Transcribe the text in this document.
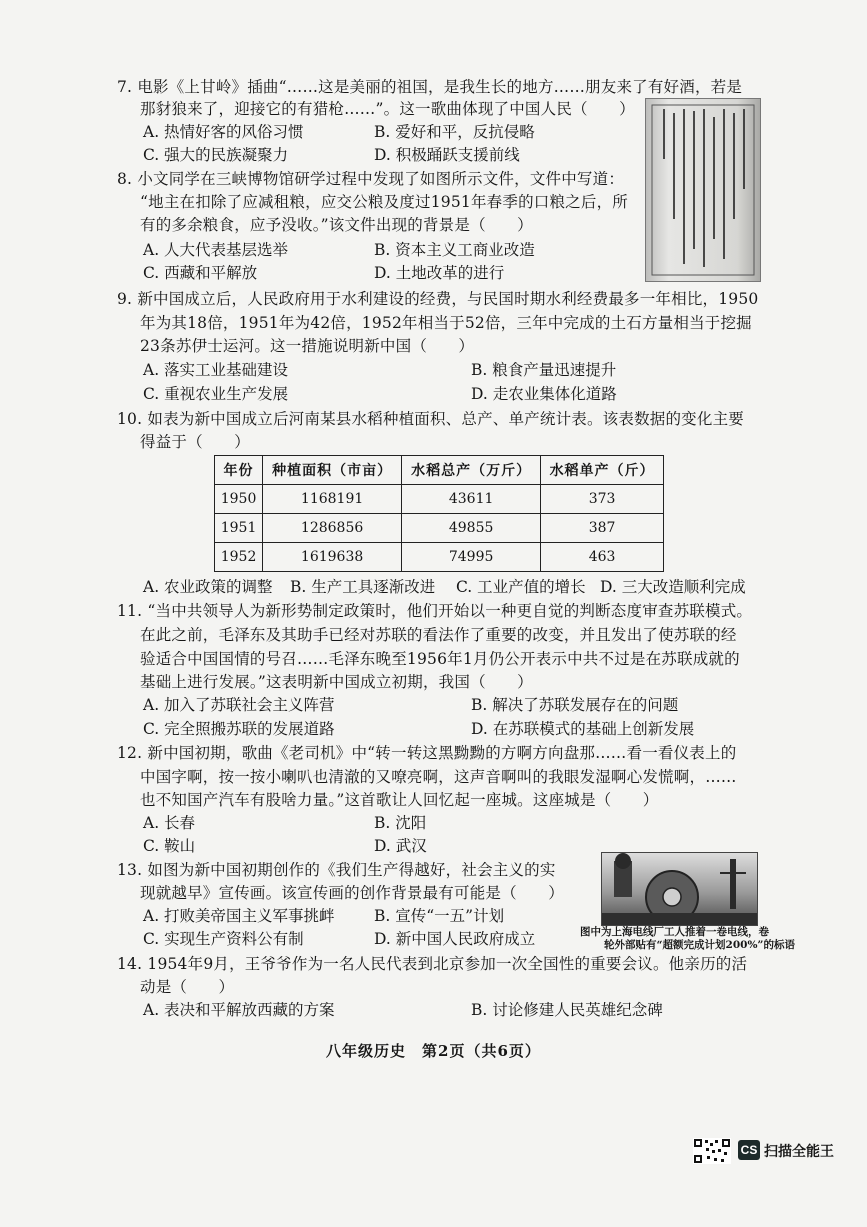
7. 电影《上甘岭》插曲“……这是美丽的祖国，是我生长的地方……朋友来了有好酒，若是
那豺狼来了，迎接它的有猎枪……”。这一歌曲体现了中国人民（　　）
A. 热情好客的风俗习惯	B. 爱好和平，反抗侵略
C. 强大的民族凝聚力	D. 积极踊跃支援前线
8. 小文同学在三峡博物馆研学过程中发现了如图所示文件，文件中写道：
“地主在扣除了应减租粮，应交公粮及度过1951年春季的口粮之后，所
有的多余粮食，应予没收。”该文件出现的背景是（　　）
A. 人大代表基层选举	B. 资本主义工商业改造
C. 西藏和平解放	D. 土地改革的进行
9. 新中国成立后，人民政府用于水利建设的经费，与民国时期水利经费最多一年相比，1950
年为其18倍，1951年为42倍，1952年相当于52倍，三年中完成的土石方量相当于挖掘
23条苏伊士运河。这一措施说明新中国（　　）
A. 落实工业基础建设	B. 粮食产量迅速提升
C. 重视农业生产发展	D. 走农业集体化道路
10. 如表为新中国成立后河南某县水稻种植面积、总产、单产统计表。该表数据的变化主要
得益于（　　）
年份	种植面积（市亩）	水稻总产（万斤）	水稻单产（斤）
1950	1168191	43611	373
1951	1286856	49855	387
1952	1619638	74995	463
A. 农业政策的调整 B. 生产工具逐渐改进 C. 工业产值的增长 D. 三大改造顺利完成
11. “当中共领导人为新形势制定政策时，他们开始以一种更自觉的判断态度审查苏联模式。
在此之前，毛泽东及其助手已经对苏联的看法作了重要的改变，并且发出了使苏联的经
验适合中国国情的号召……毛泽东晚至1956年1月仍公开表示中共不过是在苏联成就的
基础上进行发展。”这表明新中国成立初期，我国（　　）
A. 加入了苏联社会主义阵营	B. 解决了苏联发展存在的问题
C. 完全照搬苏联的发展道路	D. 在苏联模式的基础上创新发展
12. 新中国初期，歌曲《老司机》中“转一转这黑黝黝的方啊方向盘那……看一看仪表上的
中国字啊，按一按小喇叭也清澈的又嘹亮啊，这声音啊叫的我眼发湿啊心发慌啊，……
也不知国产汽车有股啥力量。”这首歌让人回忆起一座城。这座城是（　　）
A. 长春	B. 沈阳
C. 鞍山	D. 武汉
图中为上海电线厂工人推着一卷电线，卷
轮外部贴有“超额完成计划200%”的标语
13. 如图为新中国初期创作的《我们生产得越好，社会主义的实
现就越早》宣传画。该宣传画的创作背景最有可能是（　　）
A. 打败美帝国主义军事挑衅	B. 宣传“一五”计划
C. 实现生产资料公有制	D. 新中国人民政府成立
14. 1954年9月，王爷爷作为一名人民代表到北京参加一次全国性的重要会议。他亲历的活
动是（　　）
A. 表决和平解放西藏的方案	B. 讨论修建人民英雄纪念碑
八年级历史　第2页（共6页）
CS 扫描全能王
